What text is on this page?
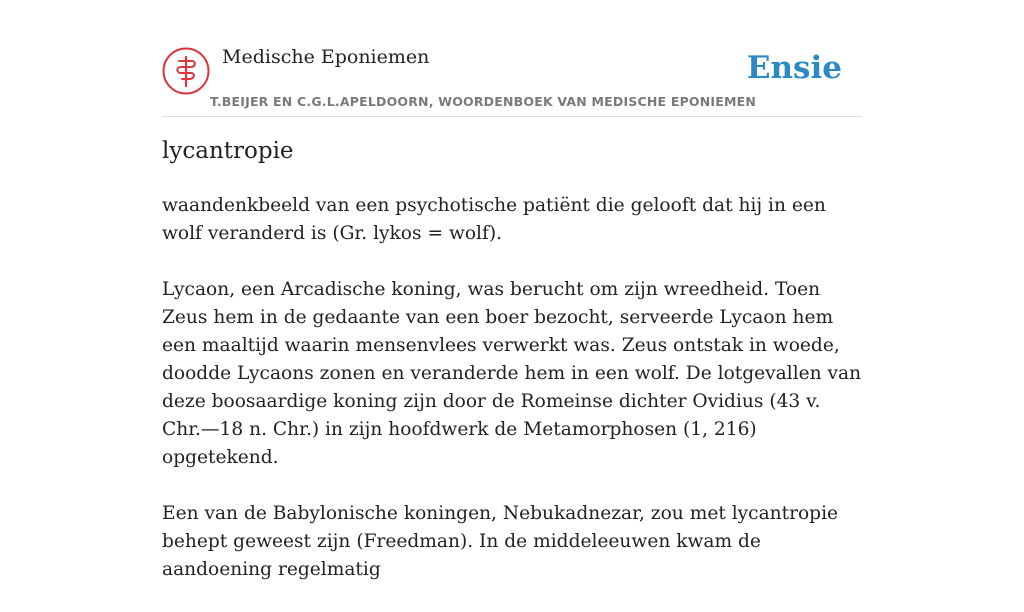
Medische Eponiemen
T.BEIJER EN C.G.L.APELDOORN, WOORDENBOEK VAN MEDISCHE EPONIEMEN
Ensie
lycantropie

waandenkbeeld van een psychotische patiënt die gelooft dat hij in een wolf veranderd is (Gr. lykos = wolf).

Lycaon, een Arcadische koning, was berucht om zijn wreedheid. Toen Zeus hem in de gedaante van een boer bezocht, serveerde Lycaon hem een maaltijd waarin mensenvlees verwerkt was. Zeus ontstak in woede, doodde Lycaons zonen en veranderde hem in een wolf. De lotgevallen van deze boosaardige koning zijn door de Romeinse dichter Ovidius (43 v. Chr.—18 n. Chr.) in zijn hoofdwerk de Metamorphosen (1, 216) opgetekend.

Een van de Babylonische koningen, Nebukadnezar, zou met lycantropie behept geweest zijn (Freedman). In de middeleeuwen kwam de aandoening regelmatig
